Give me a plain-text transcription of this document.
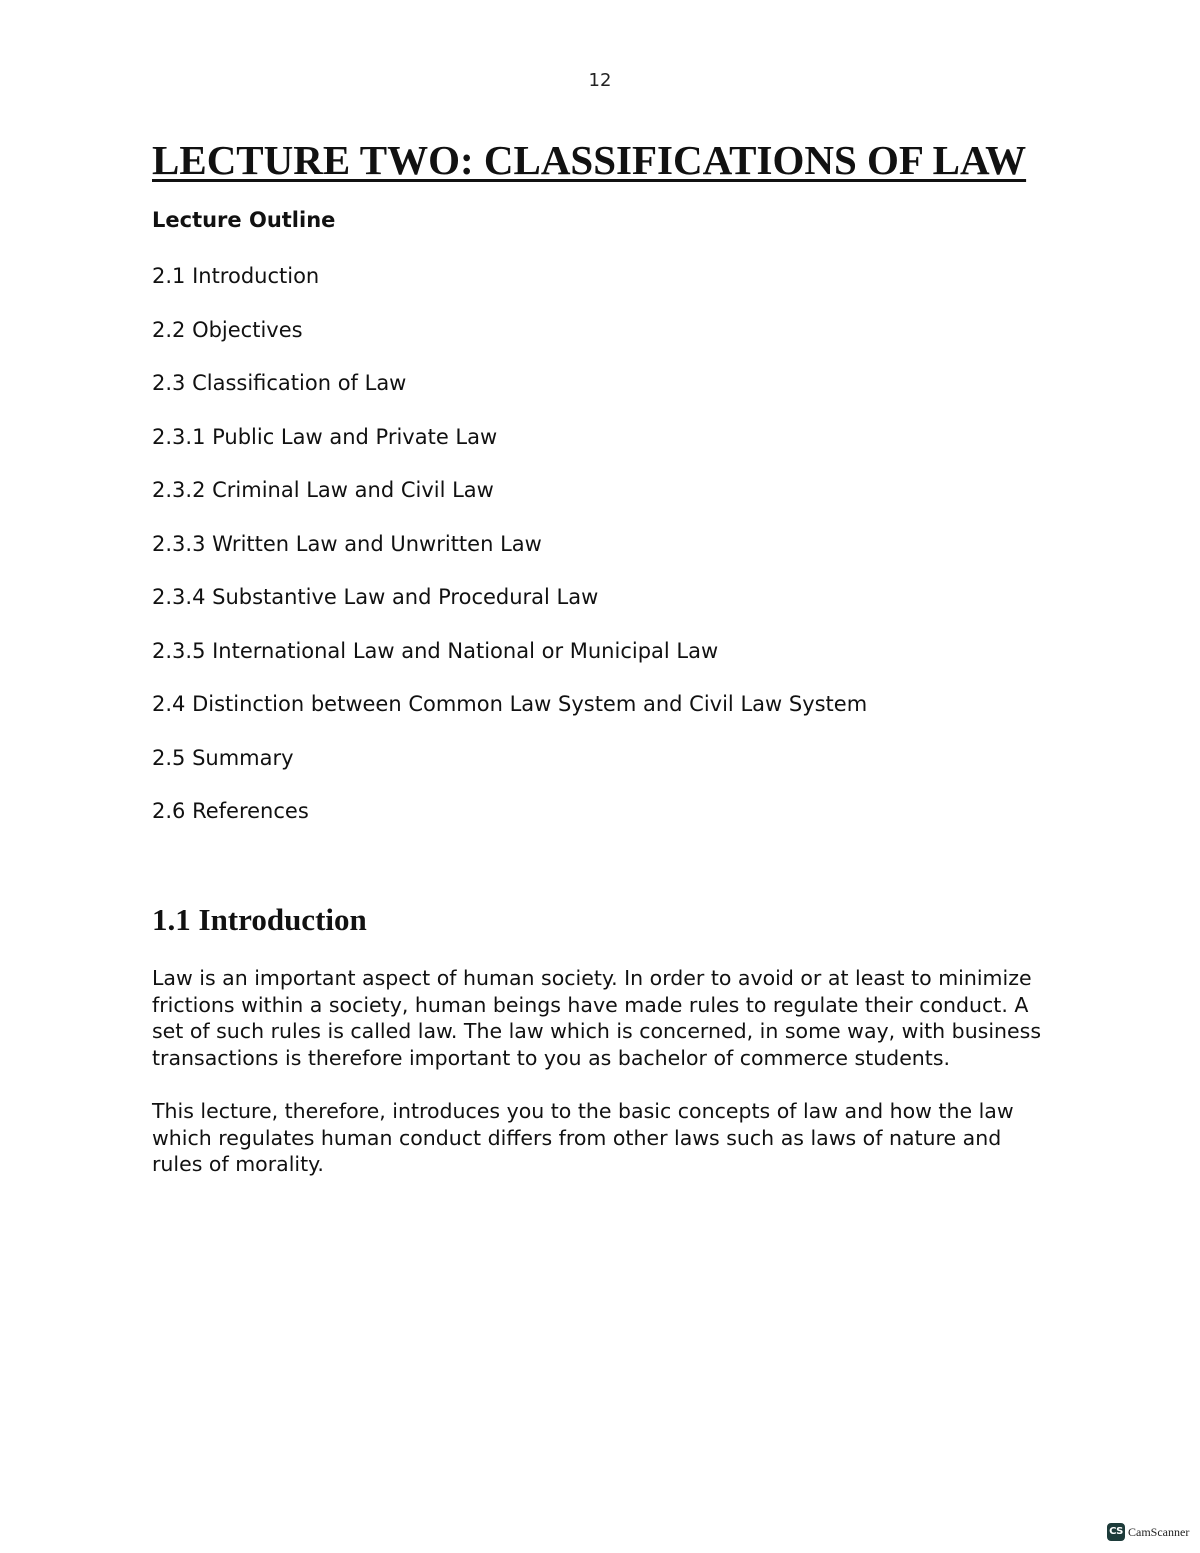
12
LECTURE TWO: CLASSIFICATIONS OF LAW
Lecture Outline
2.1 Introduction
2.2 Objectives
2.3 Classification of Law
2.3.1 Public Law and Private Law
2.3.2 Criminal Law and Civil Law
2.3.3 Written Law and Unwritten Law
2.3.4 Substantive Law and Procedural Law
2.3.5 International Law and National or Municipal Law
2.4 Distinction between Common Law System and Civil Law System
2.5 Summary
2.6 References
1.1 Introduction

Law is an important aspect of human society. In order to avoid or at least to minimize frictions within a society, human beings have made rules to regulate their conduct. A set of such rules is called law. The law which is concerned, in some way, with business transactions is therefore important to you as bachelor of commerce students.

This lecture, therefore, introduces you to the basic concepts of law and how the law which regulates human conduct differs from other laws such as laws of nature and rules of morality.

CS CamScanner
